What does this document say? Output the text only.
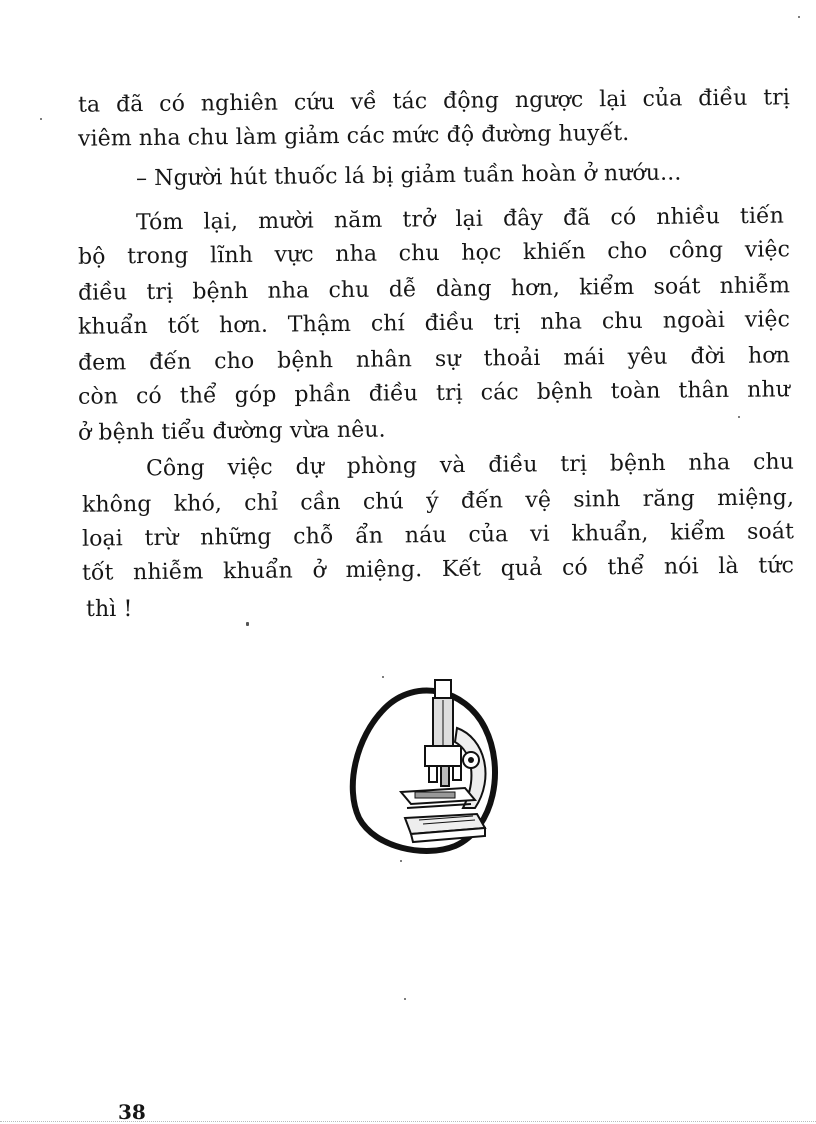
ta đã có nghiên cứu về tác động ngược lại của điều trị
viêm nha chu làm giảm các mức độ đường huyết.
– Người hút thuốc lá bị giảm tuần hoàn ở nướu...
Tóm lại, mười năm trở lại đây đã có nhiều tiến
bộ trong lĩnh vực nha chu học khiến cho công việc
điều trị bệnh nha chu dễ dàng hơn, kiểm soát nhiễm
khuẩn tốt hơn. Thậm chí điều trị nha chu ngoài việc
đem đến cho bệnh nhân sự thoải mái yêu đời hơn
còn có thể góp phần điều trị các bệnh toàn thân như
ở bệnh tiểu đường vừa nêu.
Công việc dự phòng và điều trị bệnh nha chu
không khó, chỉ cần chú ý đến vệ sinh răng miệng,
loại trừ những chỗ ẩn náu của vi khuẩn, kiểm soát
tốt nhiễm khuẩn ở miệng. Kết quả có thể nói là tức
thì !
38
